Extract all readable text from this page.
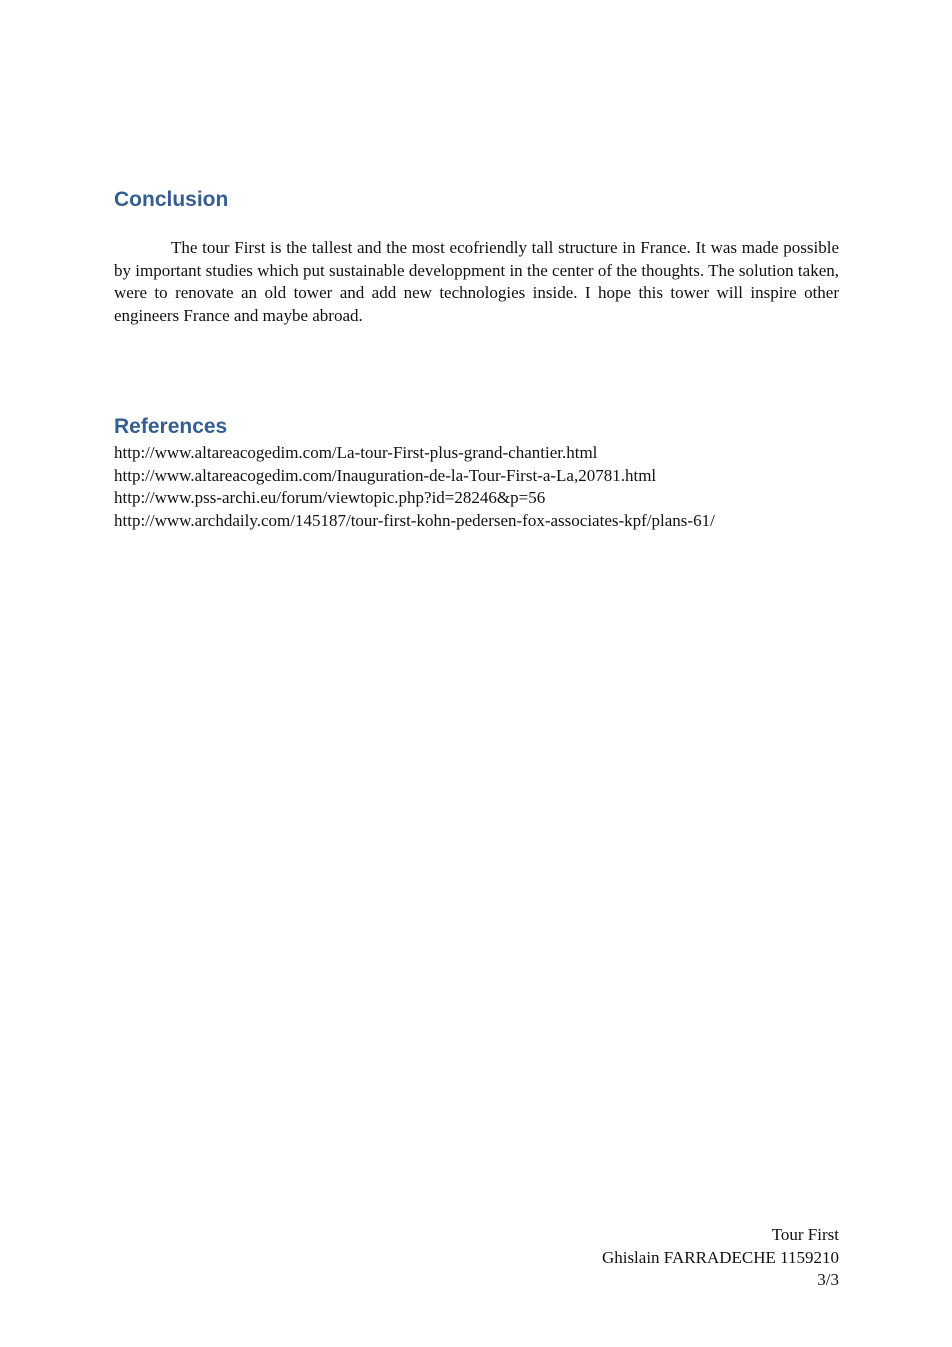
Conclusion

The tour First is the tallest and the most ecofriendly tall structure in France. It was made possible by important studies which put sustainable developpment in the center of the thoughts. The solution taken, were to renovate an old tower and add new technologies inside. I hope this tower will inspire other engineers France and maybe abroad.

References
http://www.altareacogedim.com/La-tour-First-plus-grand-chantier.html
http://www.altareacogedim.com/Inauguration-de-la-Tour-First-a-La,20781.html
http://www.pss-archi.eu/forum/viewtopic.php?id=28246&p=56
http://www.archdaily.com/145187/tour-first-kohn-pedersen-fox-associates-kpf/plans-61/
Tour First
Ghislain FARRADECHE 1159210
3/3
